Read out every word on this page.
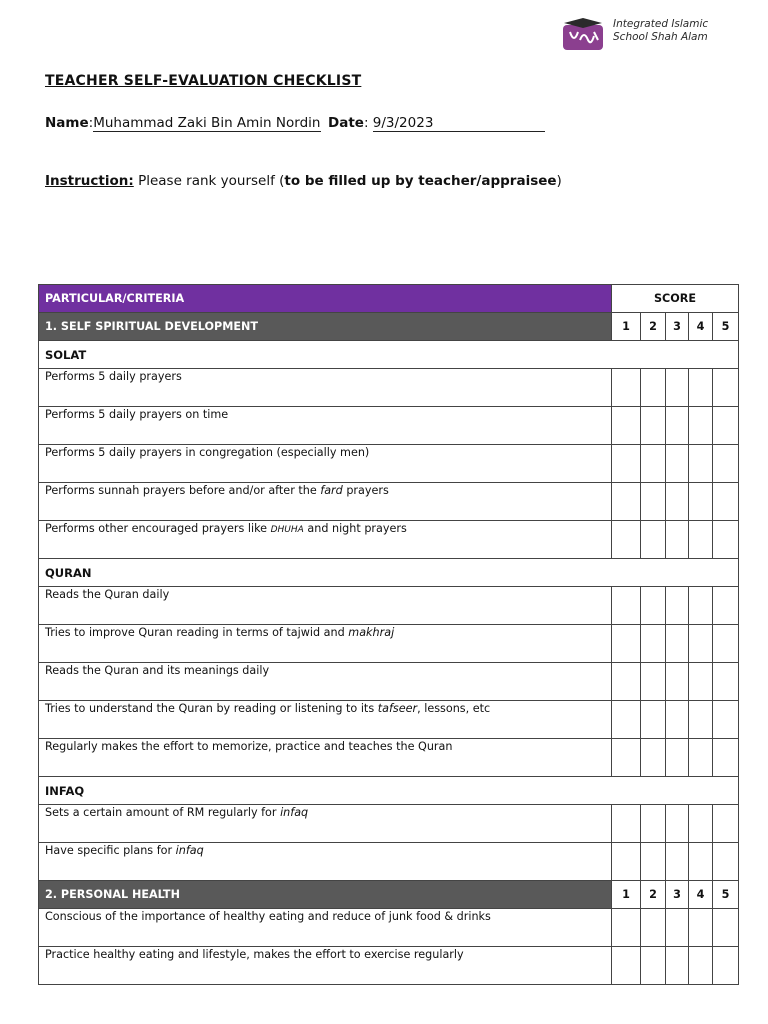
Integrated Islamic
School Shah Alam
TEACHER SELF-EVALUATION CHECKLIST
Name:Muhammad Zaki Bin Amin Nordin Date: 9/3/2023
Instruction: Please rank yourself (to be filled up by teacher/appraisee)
PARTICULAR/CRITERIA	SCORE				
1. SELF SPIRITUAL DEVELOPMENT	1	2	3	4	5
SOLAT					
Performs 5 daily prayers					
Performs 5 daily prayers on time					
Performs 5 daily prayers in congregation (especially men)					
Performs sunnah prayers before and/or after the fard prayers					
Performs other encouraged prayers like DHUHA and night prayers					
QURAN					
Reads the Quran daily					
Tries to improve Quran reading in terms of tajwid and makhraj					
Reads the Quran and its meanings daily					
Tries to understand the Quran by reading or listening to its tafseer, lessons, etc					
Regularly makes the effort to memorize, practice and teaches the Quran					
INFAQ					
Sets a certain amount of RM regularly for infaq					
Have specific plans for infaq					
2. PERSONAL HEALTH	1	2	3	4	5
Conscious of the importance of healthy eating and reduce of junk food & drinks					
Practice healthy eating and lifestyle, makes the effort to exercise regularly					
